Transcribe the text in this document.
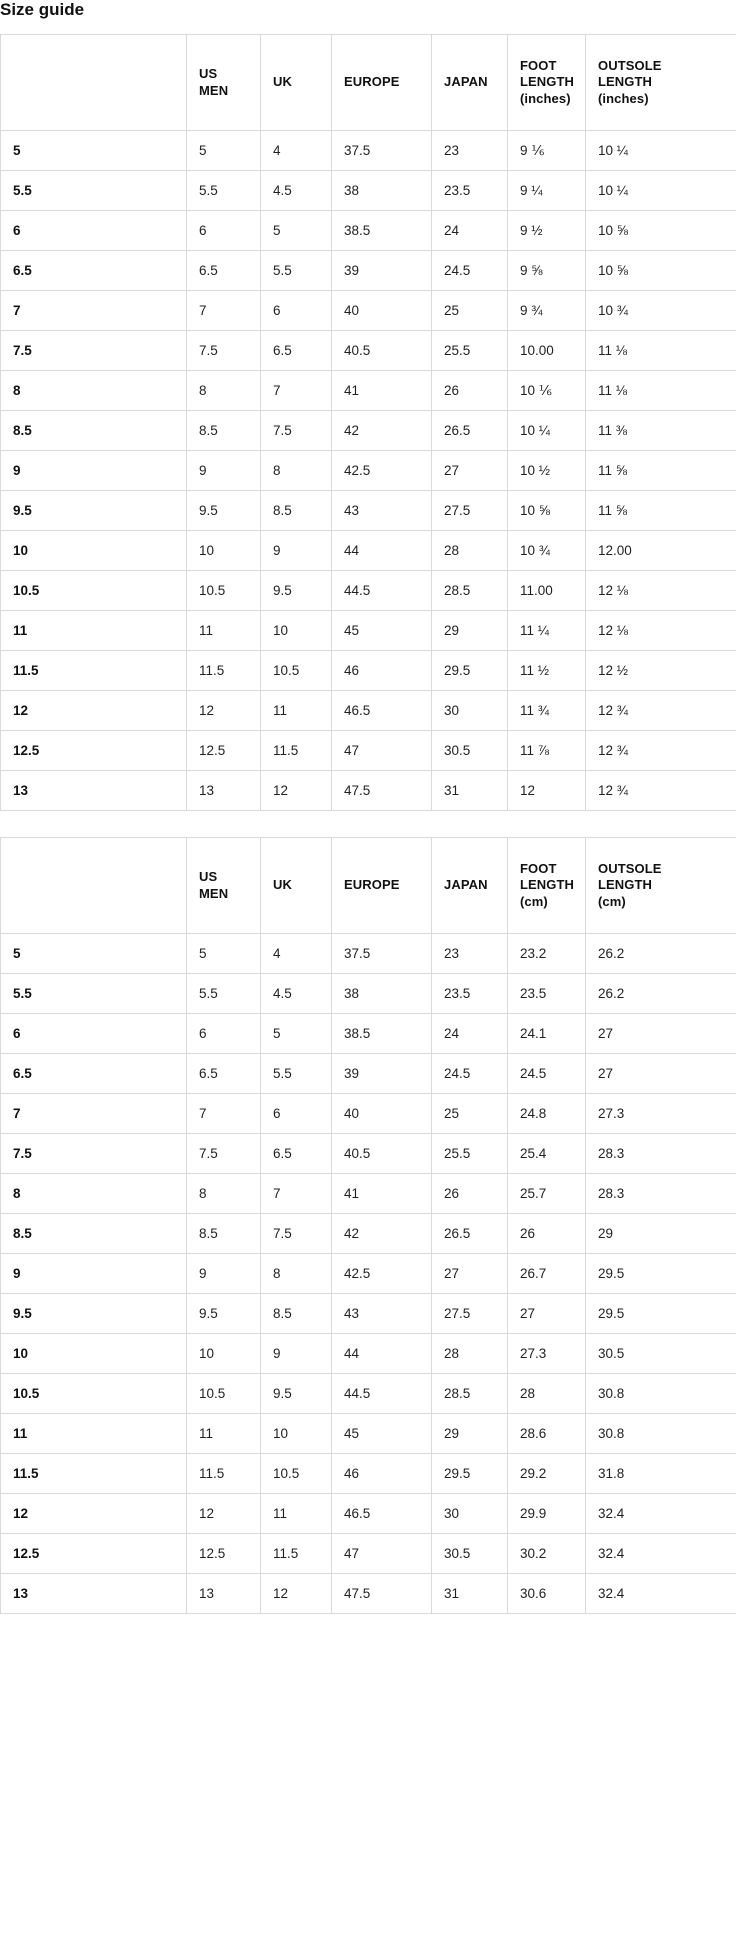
Size guide

	US
MEN	UK	EUROPE	JAPAN	FOOT
LENGTH
(inches)	OUTSOLE
LENGTH
(inches)

5	5	4	37.5	23	9 ⅙	10 ¼
5.5	5.5	4.5	38	23.5	9 ¼	10 ¼
6	6	5	38.5	24	9 ½	10 ⅝
6.5	6.5	5.5	39	24.5	9 ⅝	10 ⅝
7	7	6	40	25	9 ¾	10 ¾
7.5	7.5	6.5	40.5	25.5	10.00	11 ⅛
8	8	7	41	26	10 ⅙	11 ⅛
8.5	8.5	7.5	42	26.5	10 ¼	11 ⅜
9	9	8	42.5	27	10 ½	11 ⅝
9.5	9.5	8.5	43	27.5	10 ⅝	11 ⅝
10	10	9	44	28	10 ¾	12.00
10.5	10.5	9.5	44.5	28.5	11.00	12 ⅛
11	11	10	45	29	11 ¼	12 ⅛
11.5	11.5	10.5	46	29.5	11 ½	12 ½
12	12	11	46.5	30	11 ¾	12 ¾
12.5	12.5	11.5	47	30.5	11 ⅞	12 ¾
13	13	12	47.5	31	12	12 ¾

	US
MEN	UK	EUROPE	JAPAN	FOOT
LENGTH
(cm)	OUTSOLE
LENGTH
(cm)

5	5	4	37.5	23	23.2	26.2
5.5	5.5	4.5	38	23.5	23.5	26.2
6	6	5	38.5	24	24.1	27
6.5	6.5	5.5	39	24.5	24.5	27
7	7	6	40	25	24.8	27.3
7.5	7.5	6.5	40.5	25.5	25.4	28.3
8	8	7	41	26	25.7	28.3
8.5	8.5	7.5	42	26.5	26	29
9	9	8	42.5	27	26.7	29.5
9.5	9.5	8.5	43	27.5	27	29.5
10	10	9	44	28	27.3	30.5
10.5	10.5	9.5	44.5	28.5	28	30.8
11	11	10	45	29	28.6	30.8
11.5	11.5	10.5	46	29.5	29.2	31.8
12	12	11	46.5	30	29.9	32.4
12.5	12.5	11.5	47	30.5	30.2	32.4
13	13	12	47.5	31	30.6	32.4
